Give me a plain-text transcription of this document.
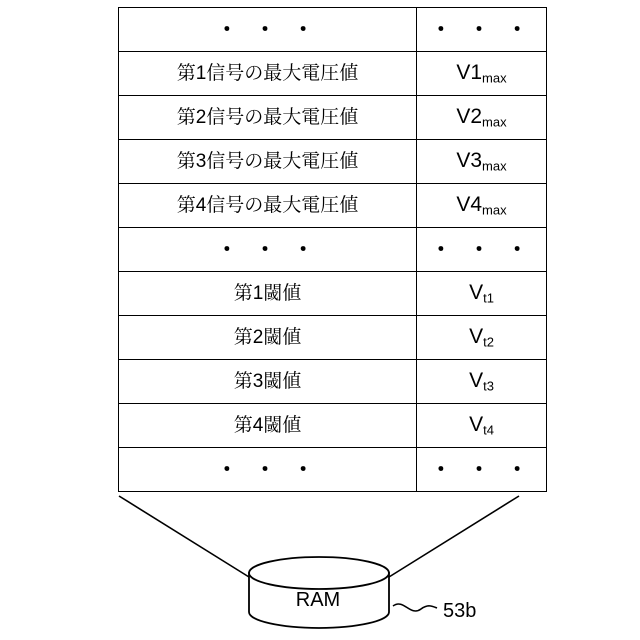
・ ・ ・	・ ・ ・
第1信号の最大電圧値	$V1_{max}$
第2信号の最大電圧値	$V2_{max}$
第3信号の最大電圧値	$V3_{max}$
第4信号の最大電圧値	$V4_{max}$
・ ・ ・	・ ・ ・
第1閾値	$V_{t1}$
第2閾値	$V_{t2}$
第3閾値	$V_{t3}$
第4閾値	$V_{t4}$
・ ・ ・	・ ・ ・
RAM	53b
